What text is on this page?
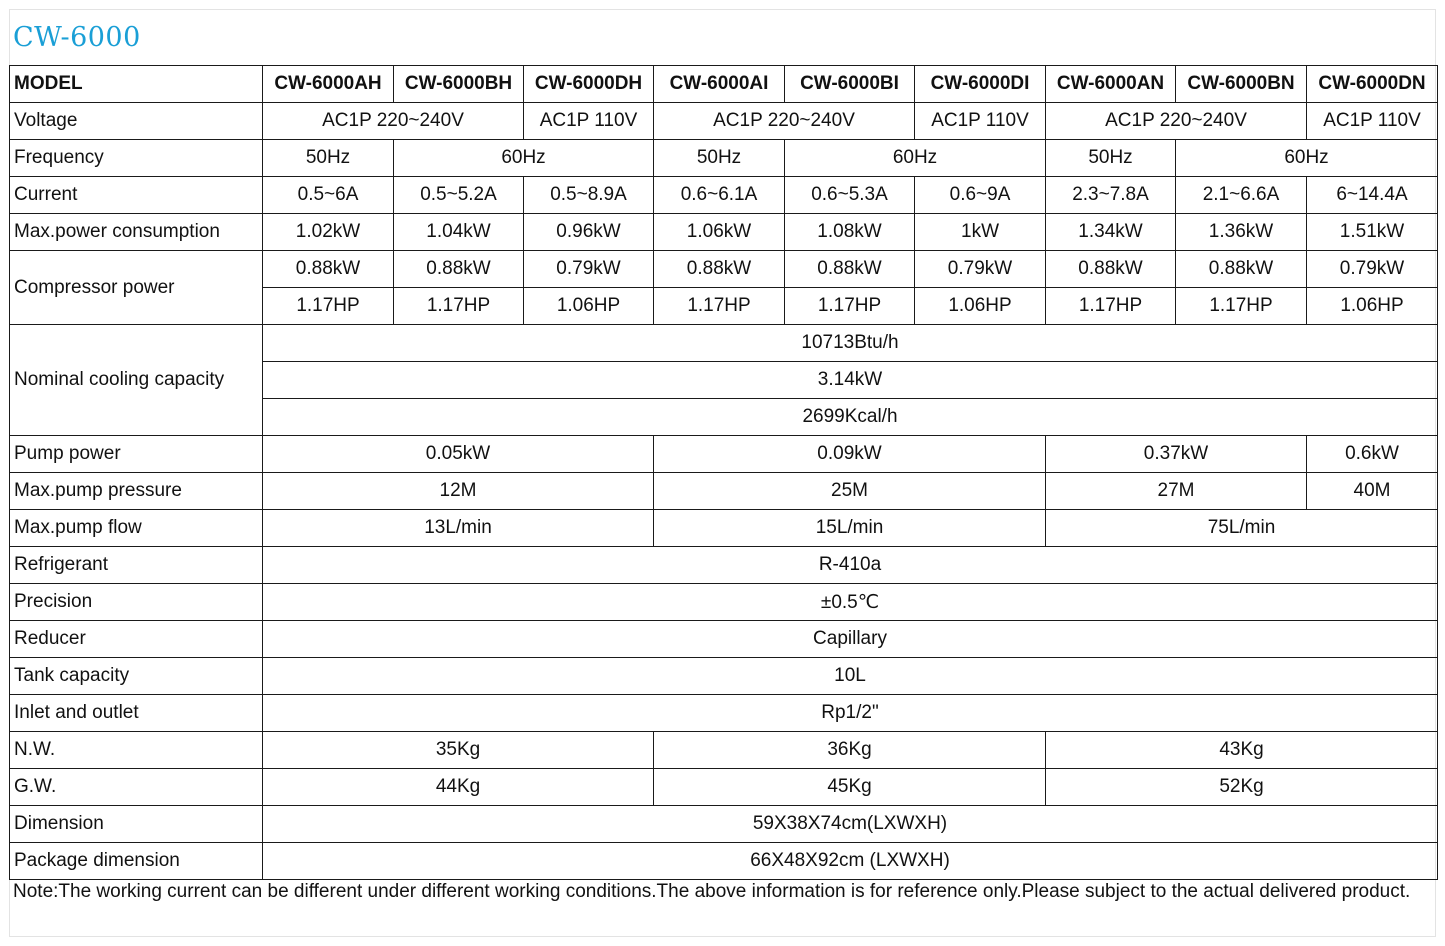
CW-6000
MODEL	CW-6000AH	CW-6000BH	CW-6000DH	CW-6000AI	CW-6000BI	CW-6000DI	CW-6000AN	CW-6000BN	CW-6000DN
Voltage	AC1P 220~240V		AC1P 110V	AC1P 220~240V		AC1P 110V	AC1P 220~240V		AC1P 110V
Frequency	50Hz	60Hz		50Hz	60Hz		50Hz	60Hz	
Current	0.5~6A	0.5~5.2A	0.5~8.9A	0.6~6.1A	0.6~5.3A	0.6~9A	2.3~7.8A	2.1~6.6A	6~14.4A
Max.power consumption	1.02kW	1.04kW	0.96kW	1.06kW	1.08kW	1kW	1.34kW	1.36kW	1.51kW
Compressor power	0.88kW	0.88kW	0.79kW	0.88kW	0.88kW	0.79kW	0.88kW	0.88kW	0.79kW
	1.17HP	1.17HP	1.06HP	1.17HP	1.17HP	1.06HP	1.17HP	1.17HP	1.06HP
Nominal cooling capacity	10713Btu/h								
	3.14kW								
	2699Kcal/h								
Pump power	0.05kW			0.09kW			0.37kW		0.6kW
Max.pump pressure	12M			25M			27M		40M
Max.pump flow	13L/min			15L/min			75L/min		
Refrigerant	R-410a								
Precision	±0.5℃								
Reducer	Capillary								
Tank capacity	10L								
Inlet and outlet	Rp1/2"								
N.W.	35Kg			36Kg			43Kg		
G.W.	44Kg			45Kg			52Kg		
Dimension	59X38X74cm(LXWXH)								
Package dimension	66X48X92cm (LXWXH)								
Note:The working current can be different under different working conditions.The above information is for reference only.Please subject to the actual delivered product.
